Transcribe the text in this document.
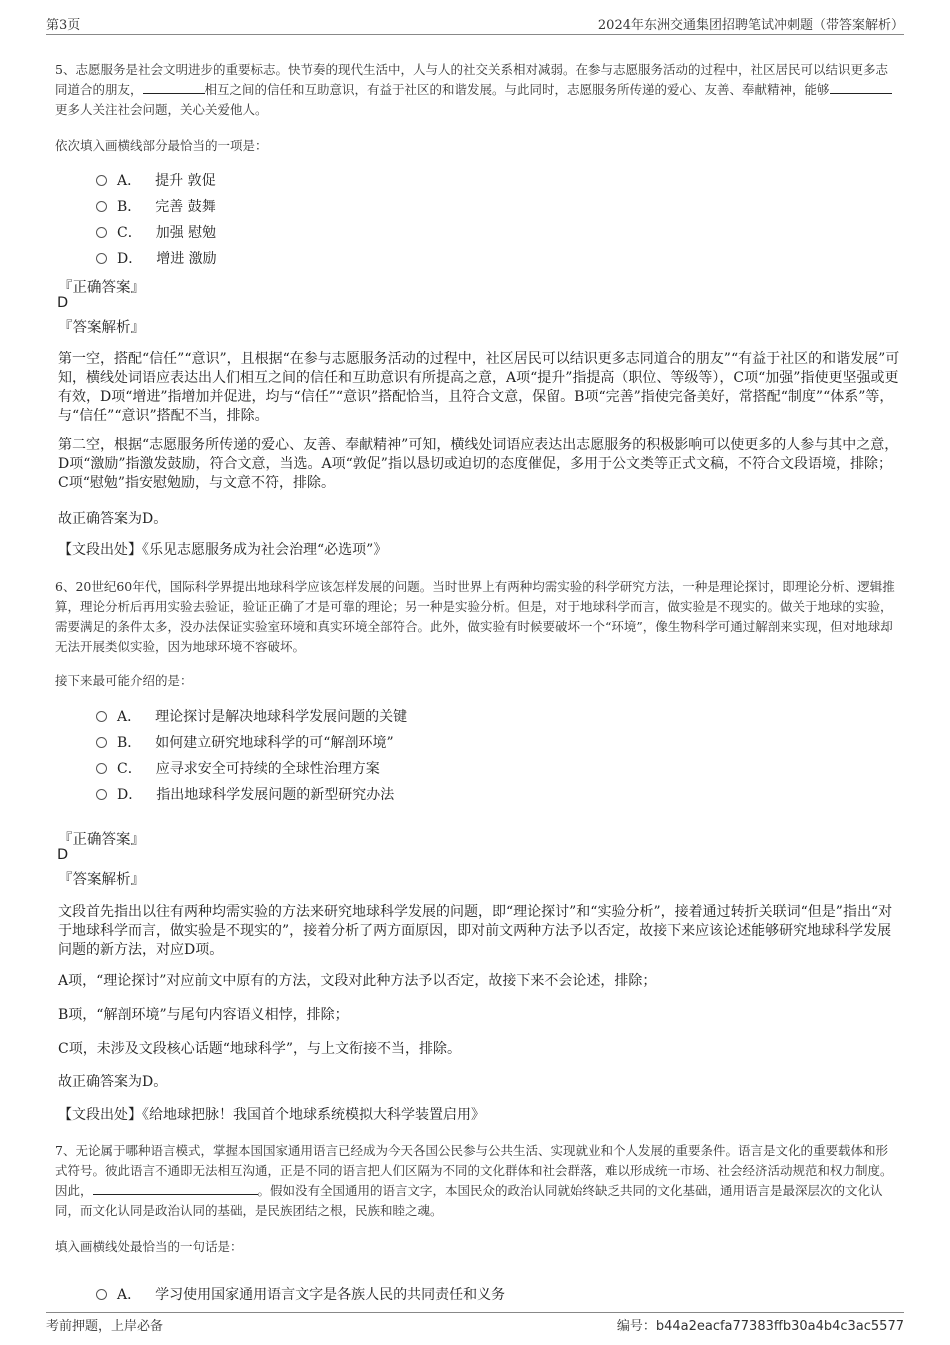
第3页	2024年东洲交通集团招聘笔试冲刺题（带答案解析）
5、志愿服务是社会文明进步的重要标志。快节奏的现代生活中，人与人的社交关系相对减弱。在参与志愿服务活动的过程中，社区居民可以结识更多志同道合的朋友，	相互之间的信任和互助意识，有益于社区的和谐发展。与此同时，志愿服务所传递的爱心、友善、奉献精神，能够更多人关注社会问题，关心关爱他人。
依次填入画横线部分最恰当的一项是：
A． 提升 敦促
B． 完善 鼓舞
C． 加强 慰勉
D． 增进 激励
『正确答案』
D
『答案解析』
第一空，搭配“信任”“意识”，且根据“在参与志愿服务活动的过程中，社区居民可以结识更多志同道合的朋友”“有益于社区的和谐发展”可知，横线处词语应表达出人们相互之间的信任和互助意识有所提高之意，A项“提升”指提高（职位、等级等），C项“加强”指使更坚强或更有效，D项“增进”指增加并促进，均与“信任”“意识”搭配恰当，且符合文意，保留。B项“完善”指使完备美好，常搭配“制度”“体系”等，与“信任”“意识”搭配不当，排除。
第二空，根据“志愿服务所传递的爱心、友善、奉献精神”可知，横线处词语应表达出志愿服务的积极影响可以使更多的人参与其中之意，D项“激励”指激发鼓励，符合文意，当选。A项“敦促”指以恳切或迫切的态度催促，多用于公文类等正式文稿，不符合文段语境，排除；C项“慰勉”指安慰勉励，与文意不符，排除。
故正确答案为D。
【文段出处】《乐见志愿服务成为社会治理“必选项”》
6、20世纪60年代，国际科学界提出地球科学应该怎样发展的问题。当时世界上有两种均需实验的科学研究方法，一种是理论探讨，即理论分析、逻辑推算，理论分析后再用实验去验证，验证正确了才是可靠的理论；另一种是实验分析。但是，对于地球科学而言，做实验是不现实的。做关于地球的实验，需要满足的条件太多，没办法保证实验室环境和真实环境全部符合。此外，做实验有时候要破坏一个“环境”，像生物科学可通过解剖来实现，但对地球却无法开展类似实验，因为地球环境不容破坏。
接下来最可能介绍的是：
A． 理论探讨是解决地球科学发展问题的关键
B． 如何建立研究地球科学的可“解剖环境”
C． 应寻求安全可持续的全球性治理方案
D． 指出地球科学发展问题的新型研究办法
『正确答案』
D
『答案解析』
文段首先指出以往有两种均需实验的方法来研究地球科学发展的问题，即“理论探讨”和“实验分析”，接着通过转折关联词“但是”指出“对于地球科学而言，做实验是不现实的”，接着分析了两方面原因，即对前文两种方法予以否定，故接下来应该论述能够研究地球科学发展问题的新方法，对应D项。
A项，“理论探讨”对应前文中原有的方法，文段对此种方法予以否定，故接下来不会论述，排除；
B项，“解剖环境”与尾句内容语义相悖，排除；
C项，未涉及文段核心话题“地球科学”，与上文衔接不当，排除。
故正确答案为D。
【文段出处】《给地球把脉！我国首个地球系统模拟大科学装置启用》
7、无论属于哪种语言模式，掌握本国国家通用语言已经成为今天各国公民参与公共生活、实现就业和个人发展的重要条件。语言是文化的重要载体和形式符号。彼此语言不通即无法相互沟通，正是不同的语言把人们区隔为不同的文化群体和社会群落，难以形成统一市场、社会经济活动规范和权力制度。因此，	。假如没有全国通用的语言文字，本国民众的政治认同就始终缺乏共同的文化基础，通用语言是最深层次的文化认同，而文化认同是政治认同的基础，是民族团结之根，民族和睦之魂。
填入画横线处最恰当的一句话是：
A． 学习使用国家通用语言文字是各族人民的共同责任和义务
考前押题，上岸必备	编号：b44a2eacfa77383ffb30a4b4c3ac5577
